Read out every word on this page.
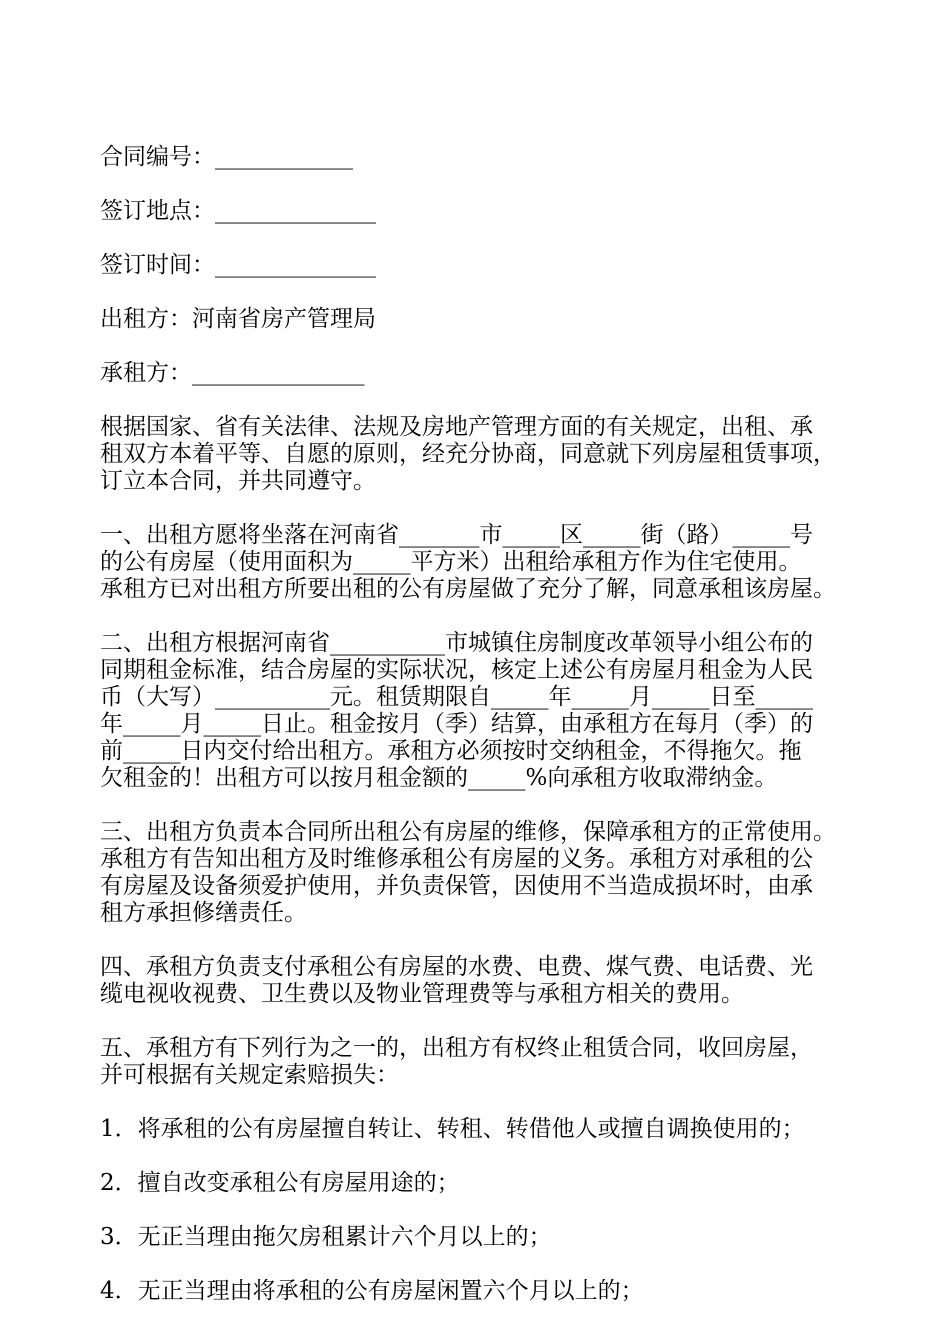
合同编号：____________

签订地点：______________

签订时间：______________

出租方：河南省房产管理局

承租方：_______________

根据国家、省有关法律、法规及房地产管理方面的有关规定，出租、承

租双方本着平等、自愿的原则，经充分协商，同意就下列房屋租赁事项，

订立本合同，并共同遵守。

一、出租方愿将坐落在河南省_______市_____区_____街（路）_____号

的公有房屋（使用面积为_____平方米）出租给承租方作为住宅使用。

承租方已对出租方所要出租的公有房屋做了充分了解，同意承租该房屋。

二、出租方根据河南省__________市城镇住房制度改革领导小组公布的

同期租金标准，结合房屋的实际状况，核定上述公有房屋月租金为人民

币（大写）__________元。租赁期限自_____年_____月_____日至_____

年_____月_____日止。租金按月（季）结算，由承租方在每月（季）的

前_____日内交付给出租方。承租方必须按时交纳租金，不得拖欠。拖

欠租金的！出租方可以按月租金额的_____%向承租方收取滞纳金。

三、出租方负责本合同所出租公有房屋的维修，保障承租方的正常使用。

承租方有告知出租方及时维修承租公有房屋的义务。承租方对承租的公

有房屋及设备须爱护使用，并负责保管，因使用不当造成损坏时，由承

租方承担修缮责任。

四、承租方负责支付承租公有房屋的水费、电费、煤气费、电话费、光

缆电视收视费、卫生费以及物业管理费等与承租方相关的费用。

五、承租方有下列行为之一的，出租方有权终止租赁合同，收回房屋，

并可根据有关规定索赔损失：

1．将承租的公有房屋擅自转让、转租、转借他人或擅自调换使用的；

2．擅自改变承租公有房屋用途的；

3．无正当理由拖欠房租累计六个月以上的；

4．无正当理由将承租的公有房屋闲置六个月以上的；
